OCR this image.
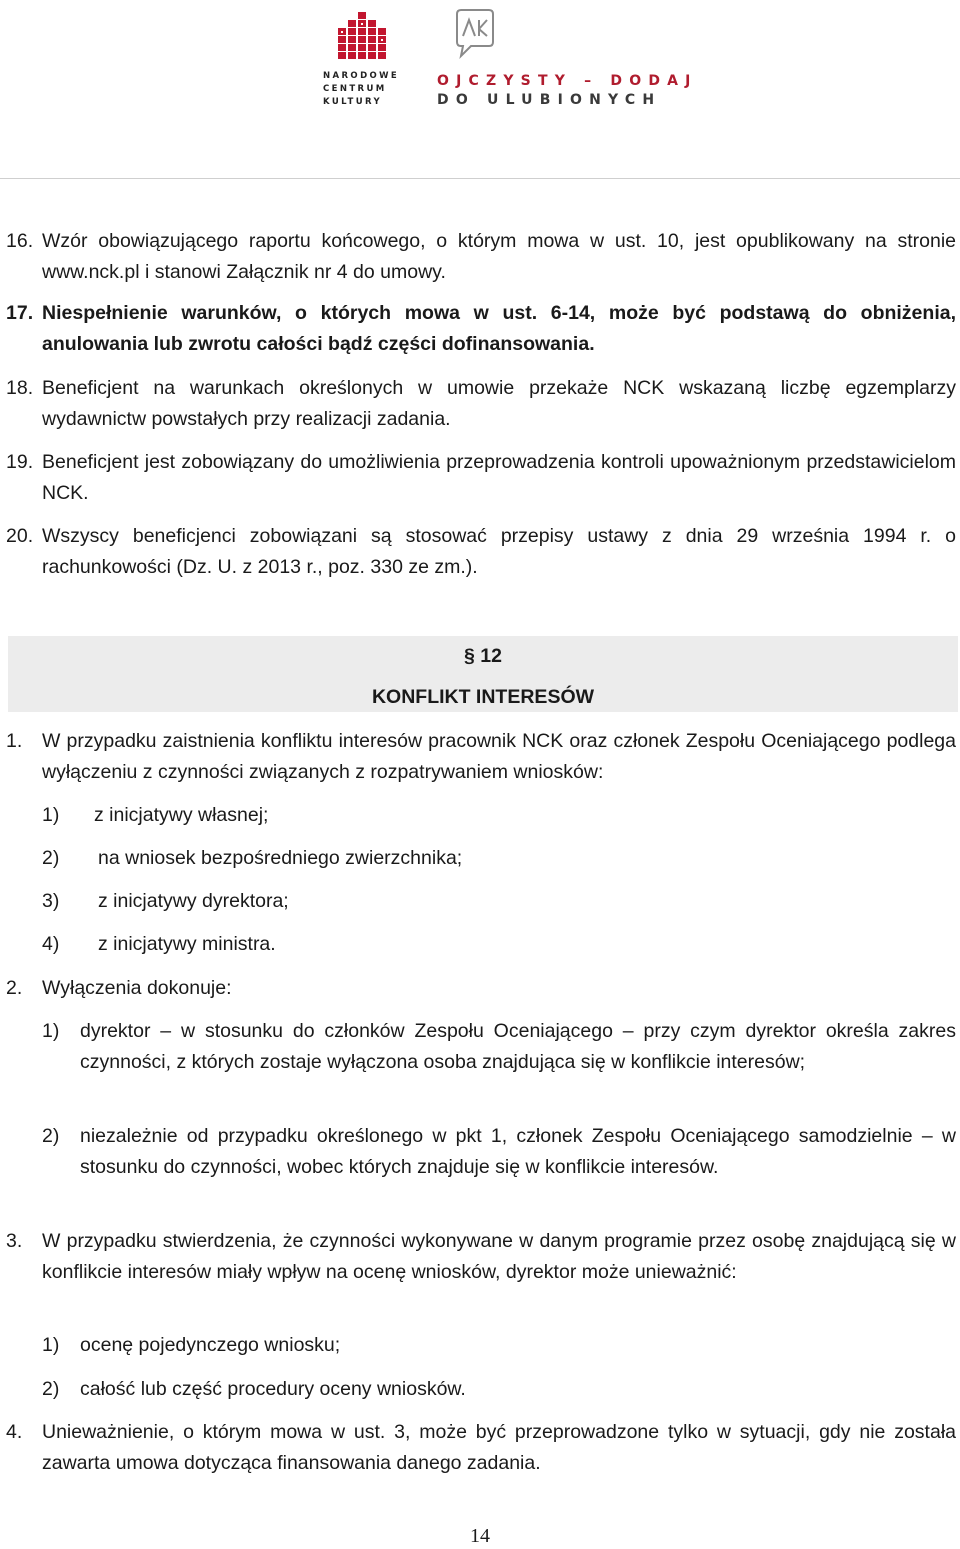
NARODOWE
CENTRUM
KULTURY
OJCZYSTY – DODAJ
DO ULUBIONYCH
16. Wzór obowiązującego raportu końcowego, o którym mowa w ust. 10, jest opublikowany na stronie www.nck.pl i stanowi Załącznik nr 4 do umowy.
17. Niespełnienie warunków, o których mowa w ust. 6-14, może być podstawą do obniżenia, anulowania lub zwrotu całości bądź części dofinansowania.
18. Beneficjent na warunkach określonych w umowie przekaże NCK wskazaną liczbę egzemplarzy wydawnictw powstałych przy realizacji zadania.
19. Beneficjent jest zobowiązany do umożliwienia przeprowadzenia kontroli upoważnionym przedstawicielom NCK.
20. Wszyscy beneficjenci zobowiązani są stosować przepisy ustawy z dnia 29 września 1994 r. o rachunkowości (Dz. U. z 2013 r., poz. 330 ze zm.).
§ 12
KONFLIKT INTERESÓW
1.	W przypadku zaistnienia konfliktu interesów pracownik NCK oraz członek Zespołu Oceniającego podlega wyłączeniu z czynności związanych z rozpatrywaniem wniosków:
1)	z inicjatywy własnej;
2)	na wniosek bezpośredniego zwierzchnika;
3)	z inicjatywy dyrektora;
4)	z inicjatywy ministra.
2.	Wyłączenia dokonuje:
1)	dyrektor – w stosunku do członków Zespołu Oceniającego – przy czym dyrektor określa zakres czynności, z których zostaje wyłączona osoba znajdująca się w konflikcie interesów;
2)	niezależnie od przypadku określonego w pkt 1, członek Zespołu Oceniającego samodzielnie – w stosunku do czynności, wobec których znajduje się w konflikcie interesów.
3.	W przypadku stwierdzenia, że czynności wykonywane w danym programie przez osobę znajdującą się w konflikcie interesów miały wpływ na ocenę wniosków, dyrektor może unieważnić:
1)	ocenę pojedynczego wniosku;
2)	całość lub część procedury oceny wniosków.
4.	Unieważnienie, o którym mowa w ust. 3, może być przeprowadzone tylko w sytuacji, gdy nie została zawarta umowa dotycząca finansowania danego zadania.
14
